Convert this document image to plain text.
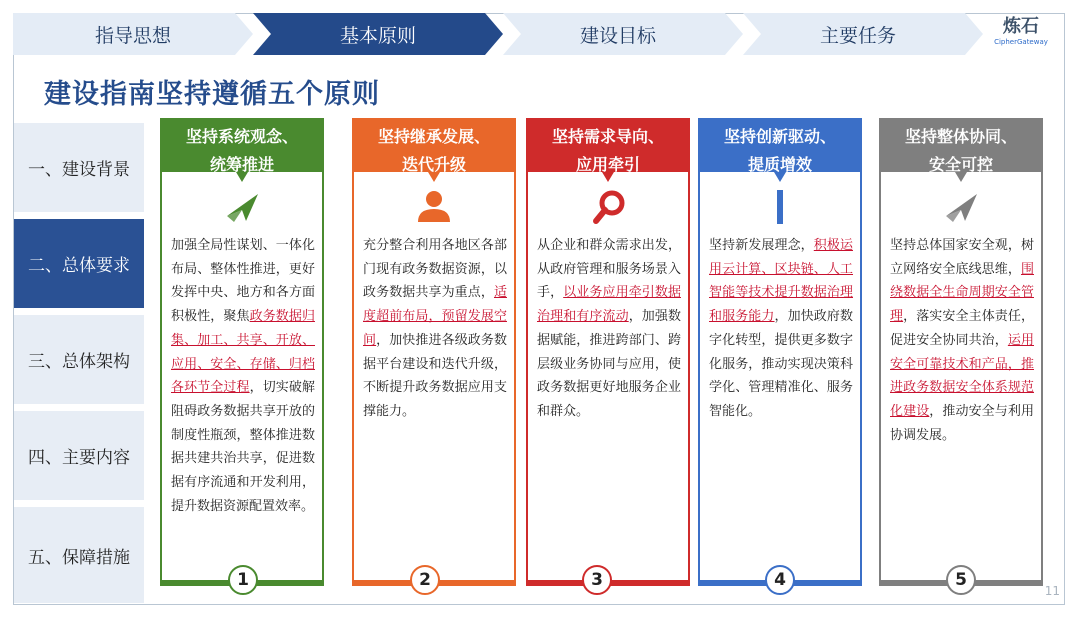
指导思想	基本原则	建设目标	主要任务	炼石
CipherGateway
建设指南坚持遵循五个原则
一、建设背景
二、总体要求
三、总体架构
四、主要内容
五、保障措施
坚持系统观念、
统筹推进
加强全局性谋划、一体化布局、整体性推进，更好发挥中央、地方和各方面积极性，聚焦政务数据归集、加工、共享、开放、应用、安全、存储、归档各环节全过程，切实破解阻碍政务数据共享开放的制度性瓶颈，整体推进数据共建共治共享，促进数据有序流通和开发利用，提升数据资源配置效率。
坚持继承发展、
迭代升级
充分整合利用各地区各部门现有政务数据资源，以政务数据共享为重点，适度超前布局，预留发展空间，加快推进各级政务数据平台建设和迭代升级，不断提升政务数据应用支撑能力。
坚持需求导向、
应用牵引
从企业和群众需求出发，从政府管理和服务场景入手，以业务应用牵引数据治理和有序流动，加强数据赋能，推进跨部门、跨层级业务协同与应用，使政务数据更好地服务企业和群众。
坚持创新驱动、
提质增效
坚持新发展理念，积极运用云计算、区块链、人工智能等技术提升数据治理和服务能力，加快政府数字化转型，提供更多数字化服务，推动实现决策科学化、管理精准化、服务智能化。
坚持整体协同、
安全可控
坚持总体国家安全观，树立网络安全底线思维，围绕数据全生命周期安全管理，落实安全主体责任，促进安全协同共治，运用安全可靠技术和产品，推进政务数据安全体系规范化建设，推动安全与利用协调发展。
1	2	3	4	5
11
